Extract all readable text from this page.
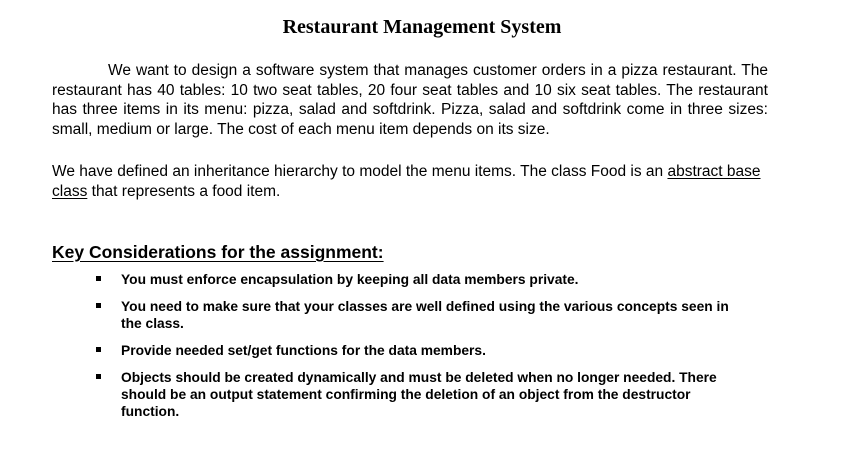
Restaurant Management System

We want to design a software system that manages customer orders in a pizza restaurant. The restaurant has 40 tables: 10 two seat tables, 20 four seat tables and 10 six seat tables. The restaurant has three items in its menu: pizza, salad and softdrink. Pizza, salad and softdrink come in three sizes: small, medium or large. The cost of each menu item depends on its size.

We have defined an inheritance hierarchy to model the menu items. The class Food is an abstract base class that represents a food item.

Key Considerations for the assignment:
You must enforce encapsulation by keeping all data members private.
You need to make sure that your classes are well defined using the various concepts seen in the class.
Provide needed set/get functions for the data members.
Objects should be created dynamically and must be deleted when no longer needed. There should be an output statement confirming the deletion of an object from the destructor function.
